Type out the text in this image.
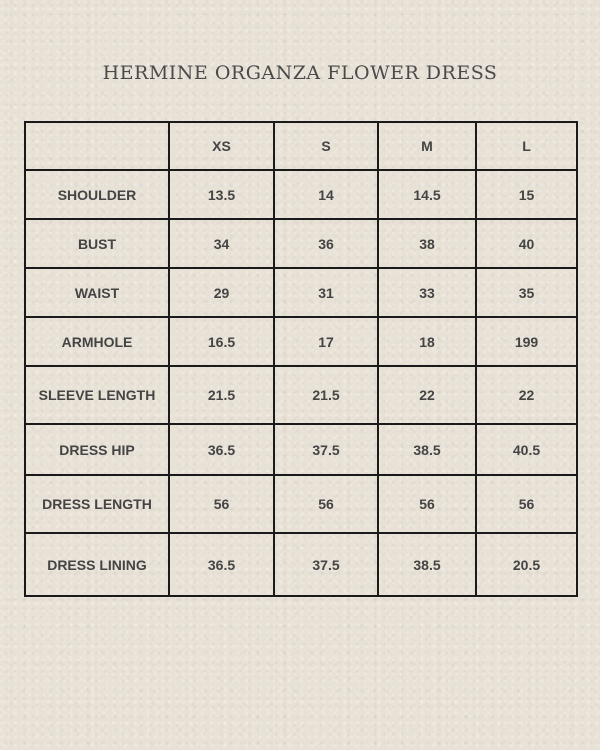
HERMINE ORGANZA FLOWER DRESS
	XS	S	M	L
SHOULDER	13.5	14	14.5	15
BUST	34	36	38	40
WAIST	29	31	33	35
ARMHOLE	16.5	17	18	199
SLEEVE LENGTH	21.5	21.5	22	22
DRESS HIP	36.5	37.5	38.5	40.5
DRESS LENGTH	56	56	56	56
DRESS LINING	36.5	37.5	38.5	20.5
